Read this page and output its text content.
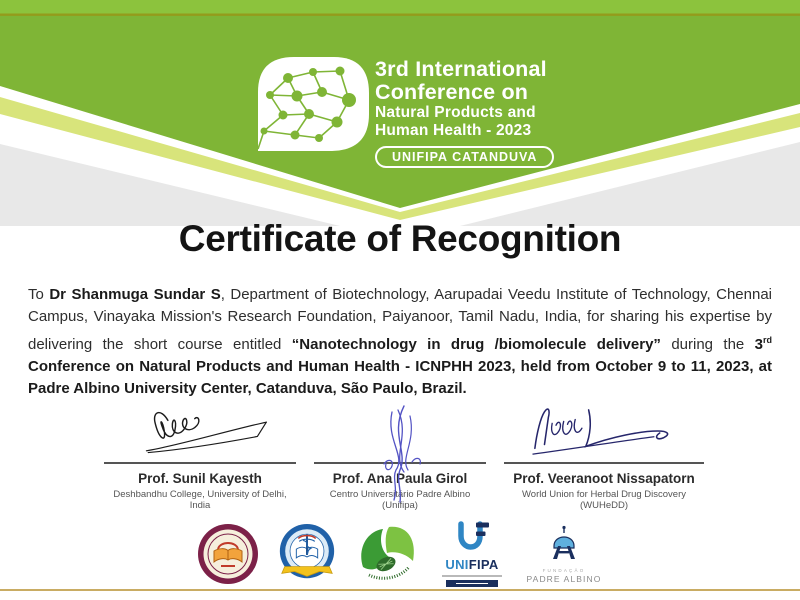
3rd International
Conference on
Natural Products and
Human Health - 2023
UNIFIPA CATANDUVA
Certificate of Recognition
To Dr Shanmuga Sundar S, Department of Biotechnology, Aarupadai Veedu Institute of Technology, Chennai Campus, Vinayaka Mission's Research Foundation, Paiyanoor, Tamil Nadu, India, for sharing his expertise by delivering the short course entitled “Nanotechnology in drug /biomolecule delivery” during the 3rd Conference on Natural Products and Human Health - ICNPHH 2023, held from October 9 to 11, 2023, at Padre Albino University Center, Catanduva, São Paulo, Brazil.
Prof. Sunil Kayesth
Deshbandhu College, University of Delhi, India
Prof. Ana Paula Girol
Centro Universitário Padre Albino (Unifipa)
Prof. Veeranoot Nissapatorn
World Union for Herbal Drug Discovery (WUHeDD)
UNIFIPA	FUNDAÇÃO
PADRE ALBINO
